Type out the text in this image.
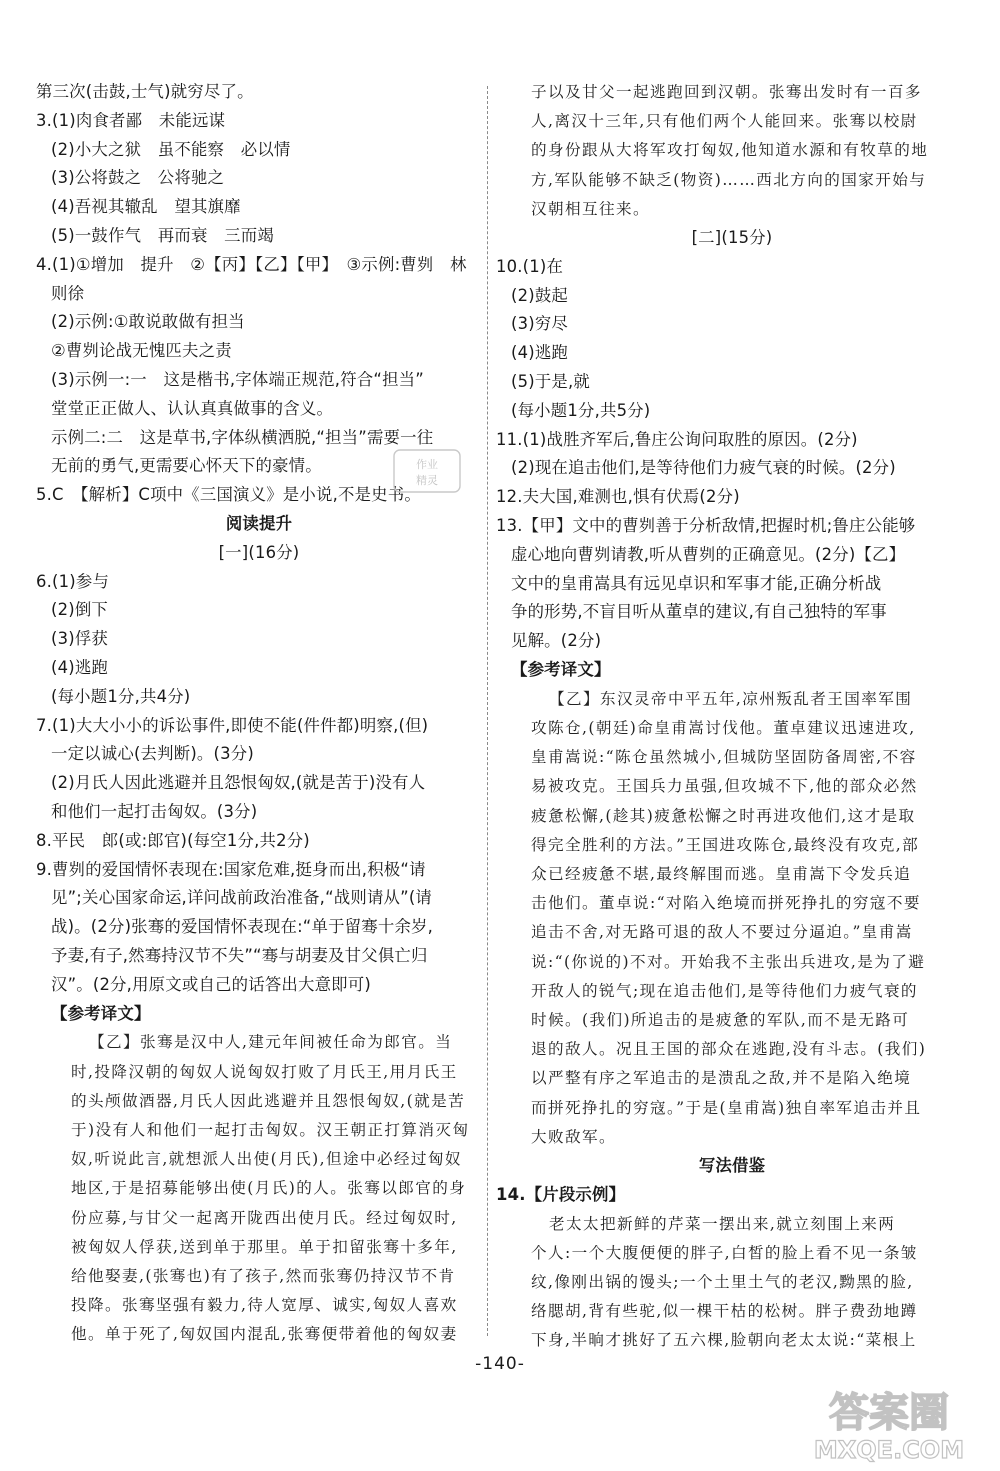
第三次(击鼓,士气)就穷尽了。
3.(1)肉食者鄙　未能远谋
(2)小大之狱　虽不能察　必以情
(3)公将鼓之　公将驰之
(4)吾视其辙乱　望其旗靡
(5)一鼓作气　再而衰　三而竭
4.(1)①增加　提升　②【丙】【乙】【甲】　③示例:曹刿　林
则徐
(2)示例:①敢说敢做有担当
②曹刿论战无愧匹夫之责
(3)示例一:一　这是楷书,字体端正规范,符合“担当”
堂堂正正做人、认认真真做事的含义。
示例二:二　这是草书,字体纵横洒脱,“担当”需要一往
无前的勇气,更需要心怀天下的豪情。
5.C　【解析】C项中《三国演义》是小说,不是史书。
阅读提升
[一](16分)
6.(1)参与
(2)倒下
(3)俘获
(4)逃跑
(每小题1分,共4分)
7.(1)大大小小的诉讼事件,即使不能(件件都)明察,(但)
一定以诚心(去判断)。(3分)
(2)月氏人因此逃避并且怨恨匈奴,(就是苦于)没有人
和他们一起打击匈奴。(3分)
8.平民　郎(或:郎官)(每空1分,共2分)
9.曹刿的爱国情怀表现在:国家危难,挺身而出,积极“请
见”;关心国家命运,详问战前政治准备,“战则请从”(请
战)。(2分)张骞的爱国情怀表现在:“单于留骞十余岁,
予妻,有子,然骞持汉节不失”“骞与胡妻及甘父俱亡归
汉”。(2分,用原文或自己的话答出大意即可)
【参考译文】
【乙】张骞是汉中人,建元年间被任命为郎官。当
时,投降汉朝的匈奴人说匈奴打败了月氏王,用月氏王
的头颅做酒器,月氏人因此逃避并且怨恨匈奴,(就是苦
于)没有人和他们一起打击匈奴。汉王朝正打算消灭匈
奴,听说此言,就想派人出使(月氏),但途中必经过匈奴
地区,于是招募能够出使(月氏)的人。张骞以郎官的身
份应募,与甘父一起离开陇西出使月氏。经过匈奴时,
被匈奴人俘获,送到单于那里。单于扣留张骞十多年,
给他娶妻,(张骞也)有了孩子,然而张骞仍持汉节不肯
投降。张骞坚强有毅力,待人宽厚、诚实,匈奴人喜欢
他。单于死了,匈奴国内混乱,张骞便带着他的匈奴妻
子以及甘父一起逃跑回到汉朝。张骞出发时有一百多
人,离汉十三年,只有他们两个人能回来。张骞以校尉
的身份跟从大将军攻打匈奴,他知道水源和有牧草的地
方,军队能够不缺乏(物资)……西北方向的国家开始与
汉朝相互往来。
[二](15分)
10.(1)在
(2)鼓起
(3)穷尽
(4)逃跑
(5)于是,就
(每小题1分,共5分)
11.(1)战胜齐军后,鲁庄公询问取胜的原因。(2分)
(2)现在追击他们,是等待他们力疲气衰的时候。(2分)
12.夫大国,难测也,惧有伏焉(2分)
13.【甲】文中的曹刿善于分析敌情,把握时机;鲁庄公能够
虚心地向曹刿请教,听从曹刿的正确意见。(2分)【乙】
文中的皇甫嵩具有远见卓识和军事才能,正确分析战
争的形势,不盲目听从董卓的建议,有自己独特的军事
见解。(2分)
【参考译文】
【乙】东汉灵帝中平五年,凉州叛乱者王国率军围
攻陈仓,(朝廷)命皇甫嵩讨伐他。董卓建议迅速进攻,
皇甫嵩说:“陈仓虽然城小,但城防坚固防备周密,不容
易被攻克。王国兵力虽强,但攻城不下,他的部众必然
疲惫松懈,(趁其)疲惫松懈之时再进攻他们,这才是取
得完全胜利的方法。”王国进攻陈仓,最终没有攻克,部
众已经疲惫不堪,最终解围而逃。皇甫嵩下令发兵追
击他们。董卓说:“对陷入绝境而拼死挣扎的穷寇不要
追击不舍,对无路可退的敌人不要过分逼迫。”皇甫嵩
说:“(你说的)不对。开始我不主张出兵进攻,是为了避
开敌人的锐气;现在追击他们,是等待他们力疲气衰的
时候。(我们)所追击的是疲惫的军队,而不是无路可
退的敌人。况且王国的部众在逃跑,没有斗志。(我们)
以严整有序之军追击的是溃乱之敌,并不是陷入绝境
而拼死挣扎的穷寇。”于是(皇甫嵩)独自率军追击并且
大败敌军。
写法借鉴
14.【片段示例】
老太太把新鲜的芹菜一摆出来,就立刻围上来两
个人:一个大腹便便的胖子,白皙的脸上看不见一条皱
纹,像刚出锅的馒头;一个土里土气的老汉,黝黑的脸,
络腮胡,背有些驼,似一棵干枯的松树。胖子费劲地蹲
下身,半晌才挑好了五六棵,脸朝向老太太说:“菜根上
-140-
作业
精灵
答案圈
MXQE.COM
